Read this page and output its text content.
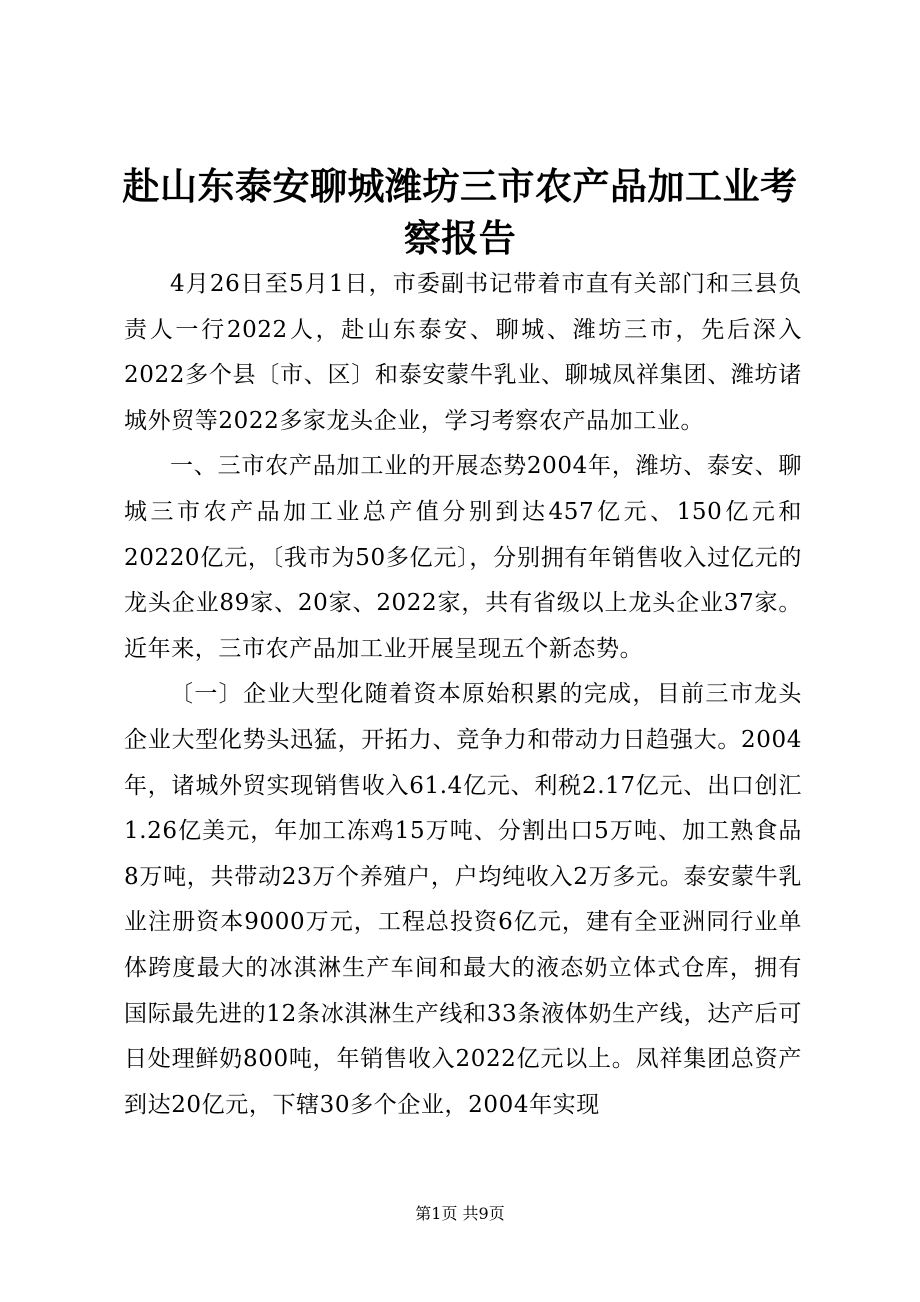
赴山东泰安聊城潍坊三市农产品加工业考察报告

4月26日至5月1日，市委副书记带着市直有关部门和三县负责人一行2022人，赴山东泰安、聊城、潍坊三市，先后深入2022多个县〔市、区〕和泰安蒙牛乳业、聊城凤祥集团、潍坊诸城外贸等2022多家龙头企业，学习考察农产品加工业。

一、三市农产品加工业的开展态势2004年，潍坊、泰安、聊城三市农产品加工业总产值分别到达457亿元、150亿元和20220亿元，〔我市为50多亿元〕，分别拥有年销售收入过亿元的龙头企业89家、20家、2022家，共有省级以上龙头企业37家。近年来，三市农产品加工业开展呈现五个新态势。

〔一〕企业大型化随着资本原始积累的完成，目前三市龙头企业大型化势头迅猛，开拓力、竞争力和带动力日趋强大。2004年，诸城外贸实现销售收入61.4亿元、利税2.17亿元、出口创汇1.26亿美元，年加工冻鸡15万吨、分割出口5万吨、加工熟食品8万吨，共带动23万个养殖户，户均纯收入2万多元。泰安蒙牛乳业注册资本9000万元，工程总投资6亿元，建有全亚洲同行业单体跨度最大的冰淇淋生产车间和最大的液态奶立体式仓库，拥有国际最先进的12条冰淇淋生产线和33条液体奶生产线，达产后可日处理鲜奶800吨，年销售收入2022亿元以上。凤祥集团总资产到达20亿元，下辖30多个企业，2004年实现

第1页 共9页
